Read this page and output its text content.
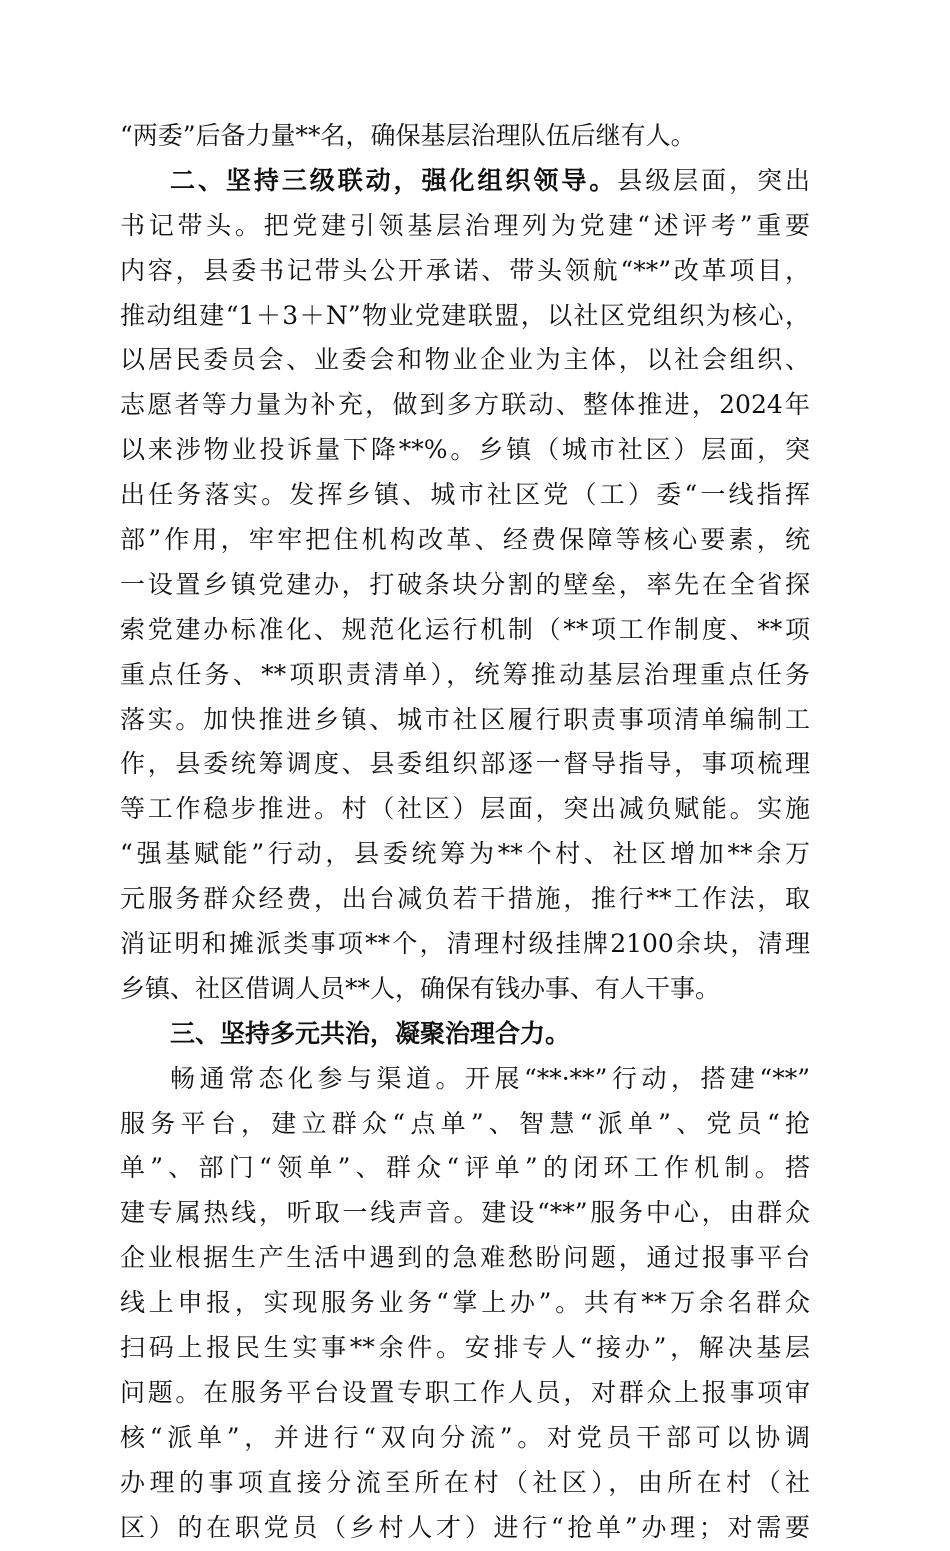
“两委”后备力量**名，确保基层治理队伍后继有人。
二、坚持三级联动，强化组织领导。县级层面，突出
书记带头。把党建引领基层治理列为党建“述评考”重要
内容，县委书记带头公开承诺、带头领航“**”改革项目，
推动组建“1＋3＋N”物业党建联盟，以社区党组织为核心，
以居民委员会、业委会和物业企业为主体，以社会组织、
志愿者等力量为补充，做到多方联动、整体推进，2024年
以来涉物业投诉量下降**%。乡镇（城市社区）层面，突
出任务落实。发挥乡镇、城市社区党（工）委“一线指挥
部”作用，牢牢把住机构改革、经费保障等核心要素，统
一设置乡镇党建办，打破条块分割的壁垒，率先在全省探
索党建办标准化、规范化运行机制（**项工作制度、**项
重点任务、**项职责清单），统筹推动基层治理重点任务
落实。加快推进乡镇、城市社区履行职责事项清单编制工
作，县委统筹调度、县委组织部逐一督导指导，事项梳理
等工作稳步推进。村（社区）层面，突出减负赋能。实施
“强基赋能”行动，县委统筹为**个村、社区增加**余万
元服务群众经费，出台减负若干措施，推行**工作法，取
消证明和摊派类事项**个，清理村级挂牌2100余块，清理
乡镇、社区借调人员**人，确保有钱办事、有人干事。
三、坚持多元共治，凝聚治理合力。
畅通常态化参与渠道。开展“**·**”行动，搭建“**”
服务平台，建立群众“点单”、智慧“派单”、党员“抢
单”、部门“领单”、群众“评单”的闭环工作机制。搭
建专属热线，听取一线声音。建设“**”服务中心，由群众
企业根据生产生活中遇到的急难愁盼问题，通过报事平台
线上申报，实现服务业务“掌上办”。共有**万余名群众
扫码上报民生实事**余件。安排专人“接办”，解决基层
问题。在服务平台设置专职工作人员，对群众上报事项审
核“派单”，并进行“双向分流”。对党员干部可以协调
办理的事项直接分流至所在村（社区），由所在村（社
区）的在职党员（乡村人才）进行“抢单”办理；对需要
